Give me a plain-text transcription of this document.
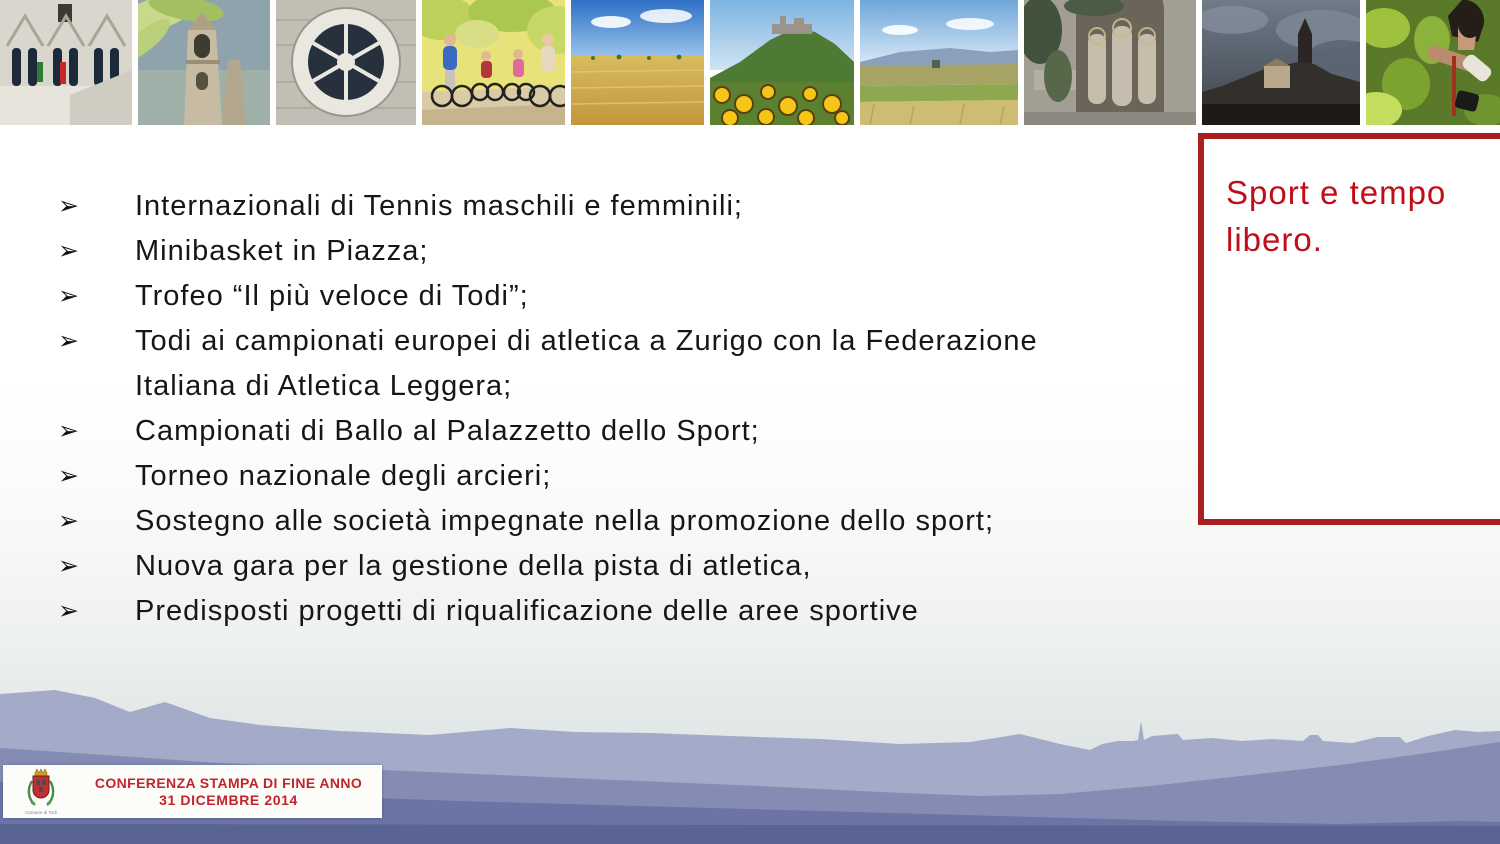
➢	Internazionali di Tennis maschili e femminili;
➢	Minibasket in Piazza;
➢	Trofeo “Il più veloce di Todi”;
➢	Todi ai campionati europei di atletica a Zurigo con la Federazione Italiana di Atletica Leggera;
➢	Campionati di Ballo al Palazzetto dello Sport;
➢	Torneo nazionale degli arcieri;
➢	Sostegno alle società impegnate nella promozione dello sport;
➢	Nuova gara per la gestione della pista di atletica,
➢	Predisposti progetti di riqualificazione delle aree sportive
Sport e tempo libero.
Comune di Todi
CONFERENZA STAMPA DI FINE ANNO
31 DICEMBRE 2014
